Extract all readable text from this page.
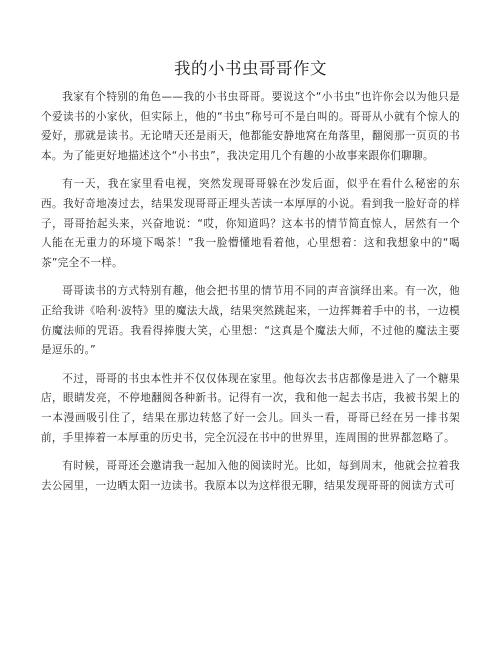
我的小书虫哥哥作文

我家有个特别的角色——我的小书虫哥哥。要说这个“小书虫”也许你会以为他只是个爱读书的小家伙，但实际上，他的“书虫”称号可不是白叫的。哥哥从小就有个惊人的爱好，那就是读书。无论晴天还是雨天，他都能安静地窝在角落里，翻阅那一页页的书本。为了能更好地描述这个“小书虫”，我决定用几个有趣的小故事来跟你们聊聊。

有一天，我在家里看电视，突然发现哥哥躲在沙发后面，似乎在看什么秘密的东西。我好奇地凑过去，结果发现哥哥正埋头苦读一本厚厚的小说。看到我一脸好奇的样子，哥哥抬起头来，兴奋地说：“哎，你知道吗？这本书的情节简直惊人，居然有一个人能在无重力的环境下喝茶！”我一脸懵懂地看着他，心里想着：这和我想象中的“喝茶”完全不一样。

哥哥读书的方式特别有趣，他会把书里的情节用不同的声音演绎出来。有一次，他正给我讲《哈利·波特》里的魔法大战，结果突然跳起来，一边挥舞着手中的书，一边模仿魔法师的咒语。我看得捧腹大笑，心里想：“这真是个魔法大师，不过他的魔法主要是逗乐的。”

不过，哥哥的书虫本性并不仅仅体现在家里。他每次去书店都像是进入了一个糖果店，眼睛发亮，不停地翻阅各种新书。记得有一次，我和他一起去书店，我被书架上的一本漫画吸引住了，结果在那边转悠了好一会儿。回头一看，哥哥已经在另一排书架前，手里捧着一本厚重的历史书，完全沉浸在书中的世界里，连周围的世界都忽略了。

有时候，哥哥还会邀请我一起加入他的阅读时光。比如，每到周末，他就会拉着我去公园里，一边晒太阳一边读书。我原本以为这样很无聊，结果发现哥哥的阅读方式可
